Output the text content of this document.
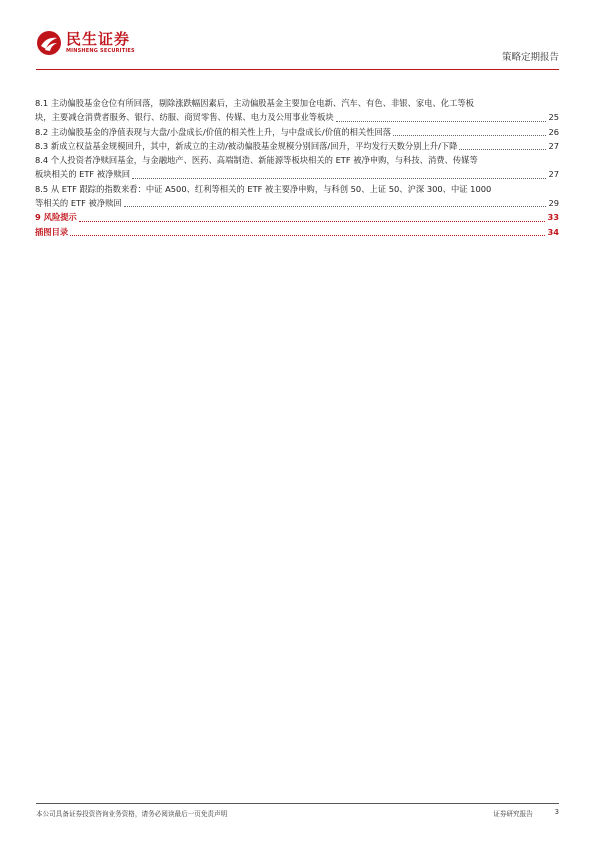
民生证券
MINSHENG SECURITIES
策略定期报告
8.1 主动偏股基金仓位有所回落，剔除涨跌幅因素后，主动偏股基金主要加仓电新、汽车、有色、非银、家电、化工等板
块，主要减仓消费者服务、银行、纺服、商贸零售、传媒、电力及公用事业等板块	25
8.2 主动偏股基金的净值表现与大盘/小盘成长/价值的相关性上升，与中盘成长/价值的相关性回落	26
8.3 新成立权益基金规模回升，其中，新成立的主动/被动偏股基金规模分别回落/回升，平均发行天数分别上升/下降	27
8.4 个人投资者净赎回基金，与金融地产、医药、高端制造、新能源等板块相关的 ETF 被净申购，与科技、消费、传媒等
板块相关的 ETF 被净赎回	27
8.5 从 ETF 跟踪的指数来看：中证 A500、红利等相关的 ETF 被主要净申购，与科创 50、上证 50、沪深 300、中证 1000
等相关的 ETF 被净赎回	29
9 风险提示	33
插图目录	34
本公司具备证券投资咨询业务资格，请务必阅读最后一页免责声明	证券研究报告	3
